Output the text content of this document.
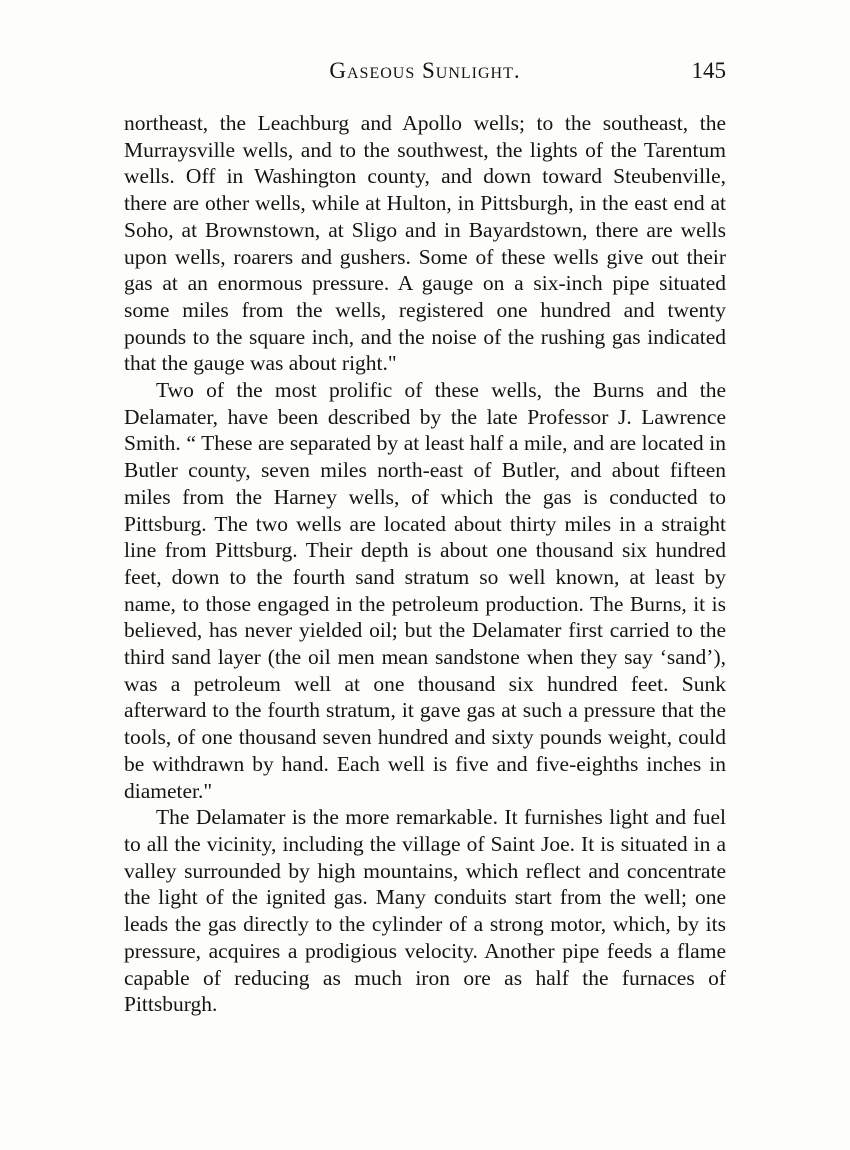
Gaseous Sunlight.	145

northeast, the Leachburg and Apollo wells; to the southeast, the Murraysville wells, and to the southwest, the lights of the Tarentum wells. Off in Washington county, and down toward Steubenville, there are other wells, while at Hulton, in Pittsburgh, in the east end at Soho, at Brownstown, at Sligo and in Bayardstown, there are wells upon wells, roarers and gushers. Some of these wells give out their gas at an enormous pressure. A gauge on a six-inch pipe situated some miles from the wells, registered one hundred and twenty pounds to the square inch, and the noise of the rushing gas indicated that the gauge was about right."

Two of the most prolific of these wells, the Burns and the Delamater, have been described by the late Professor J. Lawrence Smith. “ These are separated by at least half a mile, and are located in Butler county, seven miles north-east of Butler, and about fifteen miles from the Harney wells, of which the gas is conducted to Pittsburg. The two wells are located about thirty miles in a straight line from Pittsburg. Their depth is about one thousand six hundred feet, down to the fourth sand stratum so well known, at least by name, to those engaged in the petroleum production. The Burns, it is believed, has never yielded oil; but the Delamater first carried to the third sand layer (the oil men mean sandstone when they say ‘sand’), was a petroleum well at one thousand six hundred feet. Sunk afterward to the fourth stratum, it gave gas at such a pressure that the tools, of one thousand seven hundred and sixty pounds weight, could be withdrawn by hand. Each well is five and five-eighths inches in diameter."

The Delamater is the more remarkable. It furnishes light and fuel to all the vicinity, including the village of Saint Joe. It is situated in a valley surrounded by high mountains, which reflect and concentrate the light of the ignited gas. Many conduits start from the well; one leads the gas directly to the cylinder of a strong motor, which, by its pressure, acquires a prodigious velocity. Another pipe feeds a flame capable of reducing as much iron ore as half the furnaces of Pittsburgh.
